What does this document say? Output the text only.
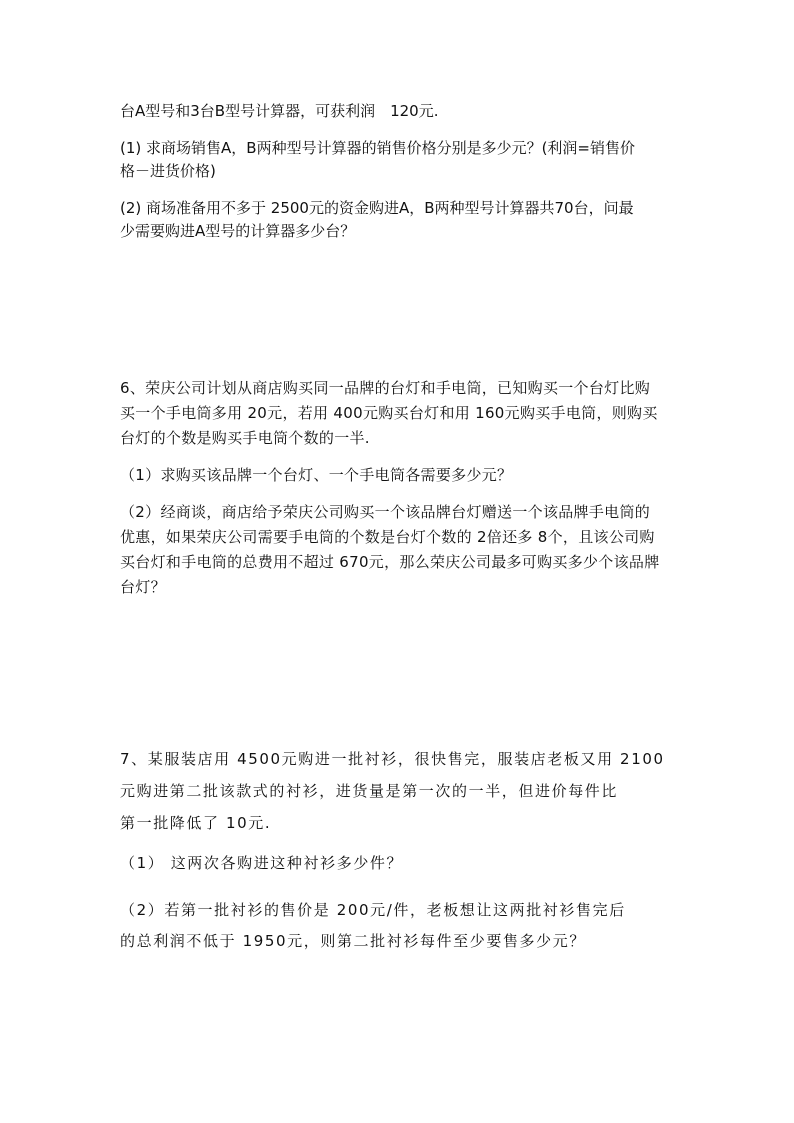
台A型号和3台B型号计算器，可获利润　120元.
(1) 求商场销售A，B两种型号计算器的销售价格分别是多少元？(利润=销售价
格－进货价格)
(2) 商场准备用不多于 2500元的资金购进A，B两种型号计算器共70台，问最
少需要购进A型号的计算器多少台？
6、荣庆公司计划从商店购买同一品牌的台灯和手电筒，已知购买一个台灯比购
买一个手电筒多用 20元，若用 400元购买台灯和用 160元购买手电筒，则购买
台灯的个数是购买手电筒个数的一半.
（1）求购买该品牌一个台灯、一个手电筒各需要多少元？
（2）经商谈，商店给予荣庆公司购买一个该品牌台灯赠送一个该品牌手电筒的
优惠，如果荣庆公司需要手电筒的个数是台灯个数的 2倍还多 8个，且该公司购
买台灯和手电筒的总费用不超过 670元，那么荣庆公司最多可购买多少个该品牌
台灯？
7、某服装店用 4500元购进一批衬衫，很快售完，服装店老板又用 2100
元购进第二批该款式的衬衫，进货量是第一次的一半，但进价每件比
第一批降低了 10元.
（1） 这两次各购进这种衬衫多少件？
（2）若第一批衬衫的售价是 200元/件，老板想让这两批衬衫售完后
的总利润不低于 1950元，则第二批衬衫每件至少要售多少元？
